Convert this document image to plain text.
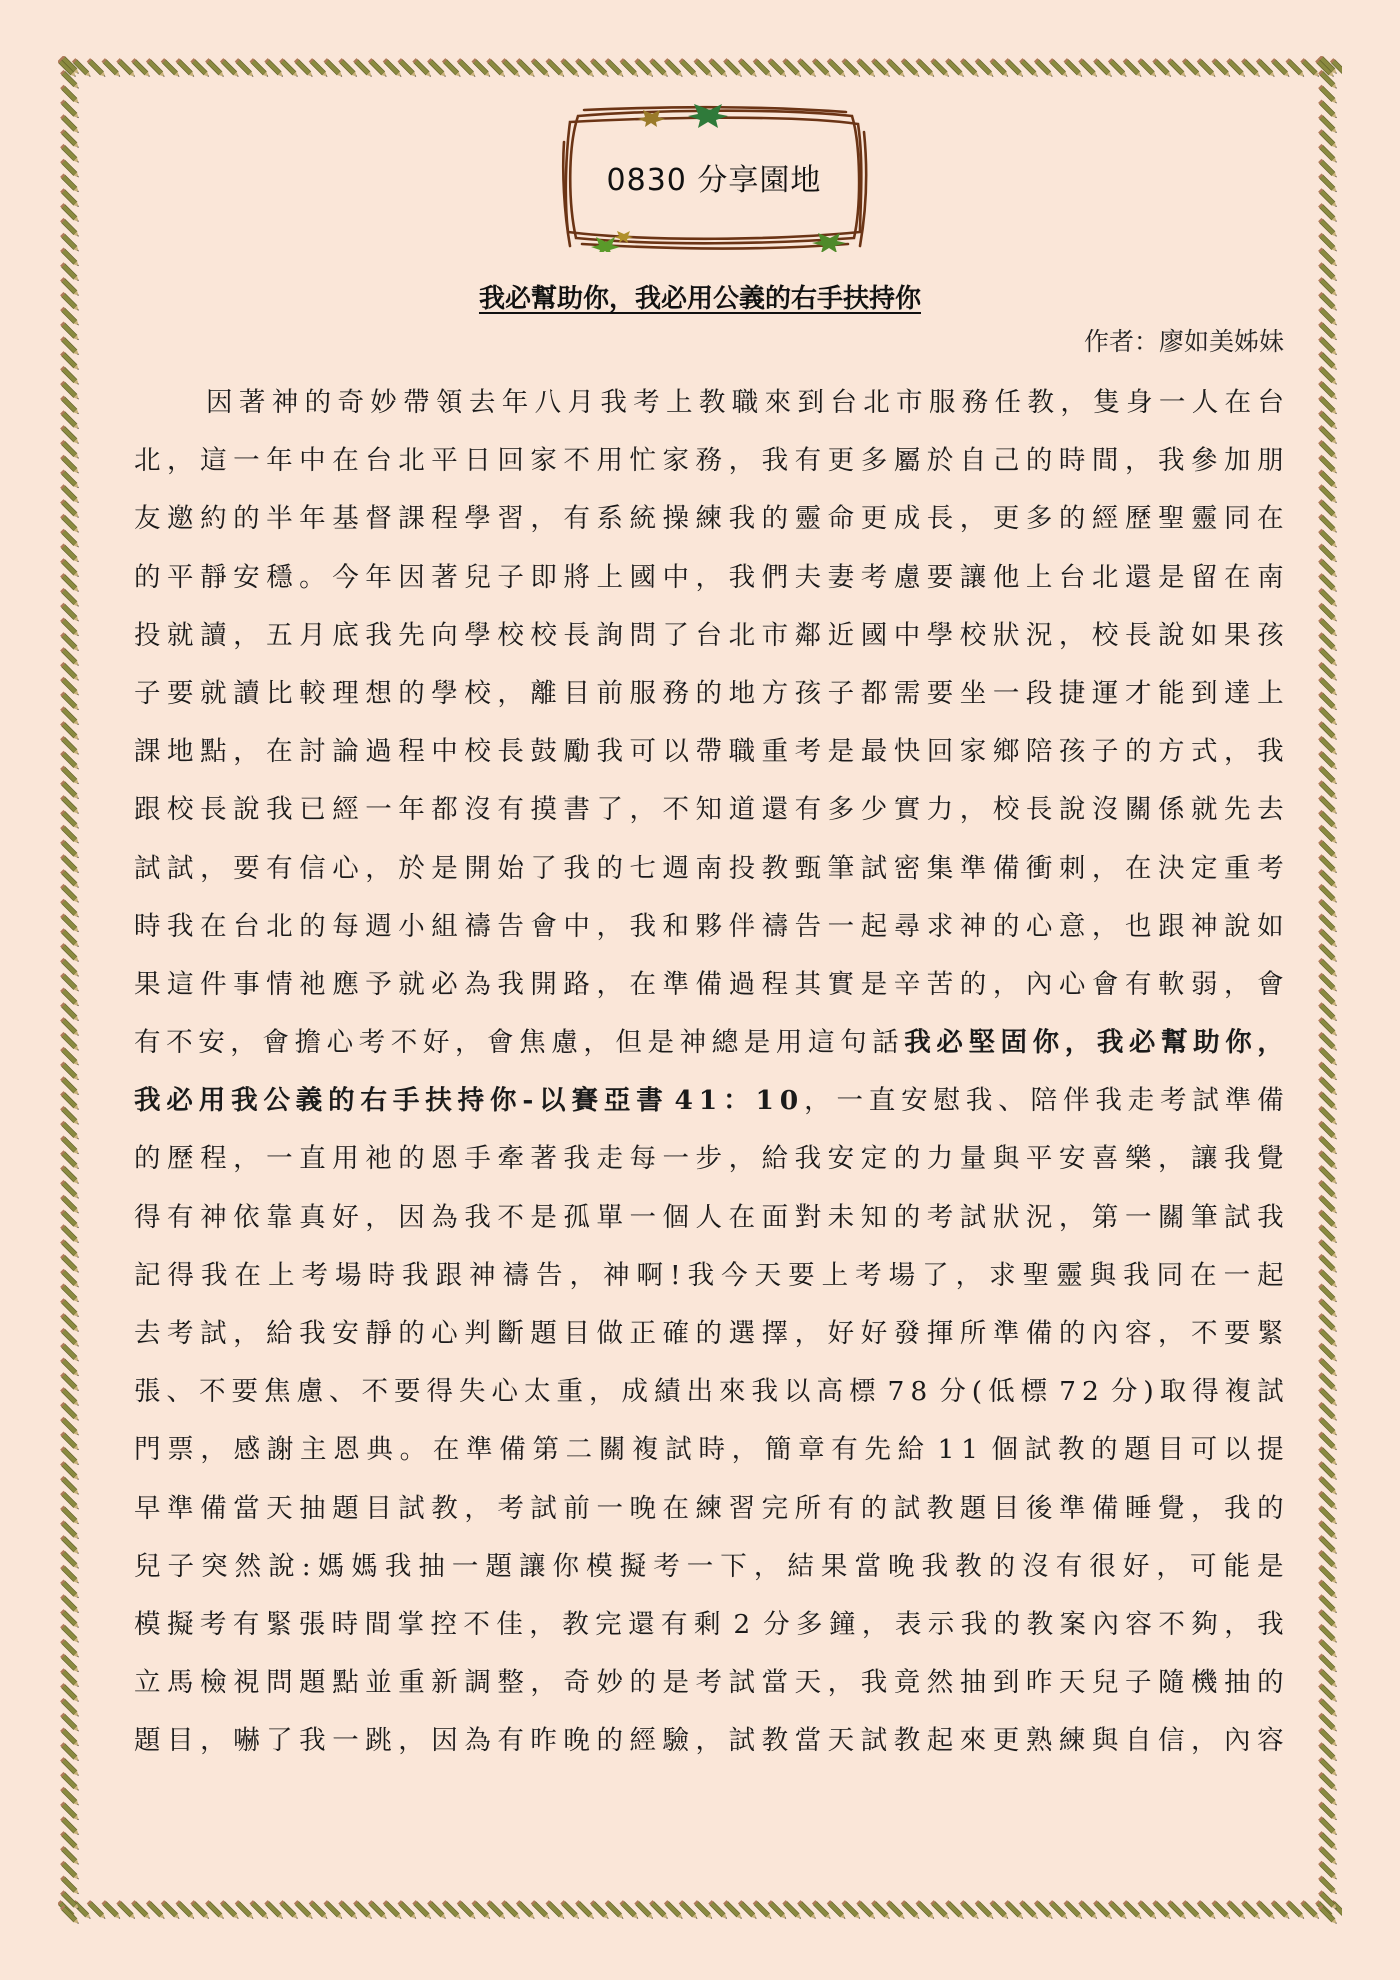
0830 分享園地
我必幫助你，我必用公義的右手扶持你
作者：廖如美姊妹
因 著 神 的 奇 妙 帶 領 去 年 八 月 我 考 上 教 職 來 到 台 北 市 服 務 任 教 ， 隻 身 一 人 在 台
北 ， 這 一 年 中 在 台 北 平 日 回 家 不 用 忙 家 務 ， 我 有 更 多 屬 於 自 己 的 時 間 ， 我 參 加 朋
友 邀 約 的 半 年 基 督 課 程 學 習 ， 有 系 統 操 練 我 的 靈 命 更 成 長 ， 更 多 的 經 歷 聖 靈 同 在
的 平 靜 安 穩 。 今 年 因 著 兒 子 即 將 上 國 中 ， 我 們 夫 妻 考 慮 要 讓 他 上 台 北 還 是 留 在 南
投 就 讀 ， 五 月 底 我 先 向 學 校 校 長 詢 問 了 台 北 市 鄰 近 國 中 學 校 狀 況 ， 校 長 說 如 果 孩
子 要 就 讀 比 較 理 想 的 學 校 ， 離 目 前 服 務 的 地 方 孩 子 都 需 要 坐 一 段 捷 運 才 能 到 達 上
課 地 點 ， 在 討 論 過 程 中 校 長 鼓 勵 我 可 以 帶 職 重 考 是 最 快 回 家 鄉 陪 孩 子 的 方 式 ， 我
跟 校 長 說 我 已 經 一 年 都 沒 有 摸 書 了 ， 不 知 道 還 有 多 少 實 力 ， 校 長 說 沒 關 係 就 先 去
試 試 ， 要 有 信 心 ， 於 是 開 始 了 我 的 七 週 南 投 教 甄 筆 試 密 集 準 備 衝 刺 ， 在 決 定 重 考
時 我 在 台 北 的 每 週 小 組 禱 告 會 中 ， 我 和 夥 伴 禱 告 一 起 尋 求 神 的 心 意 ， 也 跟 神 說 如
果 這 件 事 情 祂 應 予 就 必 為 我 開 路 ， 在 準 備 過 程 其 實 是 辛 苦 的 ， 內 心 會 有 軟 弱 ， 會
有 不 安 ， 會 擔 心 考 不 好 ， 會 焦 慮 ， 但 是 神 總 是 用 這 句 話 我 必 堅 固 你 ， 我 必 幫 助 你 ，
我 必 用 我 公 義 的 右 手 扶 持 你 - 以 賽 亞 書 4 1 ： 1 0 ， 一 直 安 慰 我 、 陪 伴 我 走 考 試 準 備
的 歷 程 ， 一 直 用 祂 的 恩 手 牽 著 我 走 每 一 步 ， 給 我 安 定 的 力 量 與 平 安 喜 樂 ， 讓 我 覺
得 有 神 依 靠 真 好 ， 因 為 我 不 是 孤 單 一 個 人 在 面 對 未 知 的 考 試 狀 況 ， 第 一 關 筆 試 我
記 得 我 在 上 考 場 時 我 跟 神 禱 告 ， 神 啊 ! 我 今 天 要 上 考 場 了 ， 求 聖 靈 與 我 同 在 一 起
去 考 試 ， 給 我 安 靜 的 心 判 斷 題 目 做 正 確 的 選 擇 ， 好 好 發 揮 所 準 備 的 內 容 ， 不 要 緊
張 、 不 要 焦 慮 、 不 要 得 失 心 太 重 ， 成 績 出 來 我 以 高 標 7 8 分 ( 低 標 7 2 分 ) 取 得 複 試
門 票 ， 感 謝 主 恩 典 。 在 準 備 第 二 關 複 試 時 ， 簡 章 有 先 給 1 1 個 試 教 的 題 目 可 以 提
早 準 備 當 天 抽 題 目 試 教 ， 考 試 前 一 晚 在 練 習 完 所 有 的 試 教 題 目 後 準 備 睡 覺 ， 我 的
兒 子 突 然 說 : 媽 媽 我 抽 一 題 讓 你 模 擬 考 一 下 ， 結 果 當 晚 我 教 的 沒 有 很 好 ， 可 能 是
模 擬 考 有 緊 張 時 間 掌 控 不 佳 ， 教 完 還 有 剩 2 分 多 鐘 ， 表 示 我 的 教 案 內 容 不 夠 ， 我
立 馬 檢 視 問 題 點 並 重 新 調 整 ， 奇 妙 的 是 考 試 當 天 ， 我 竟 然 抽 到 昨 天 兒 子 隨 機 抽 的
題 目 ， 嚇 了 我 一 跳 ， 因 為 有 昨 晚 的 經 驗 ， 試 教 當 天 試 教 起 來 更 熟 練 與 自 信 ， 內 容
